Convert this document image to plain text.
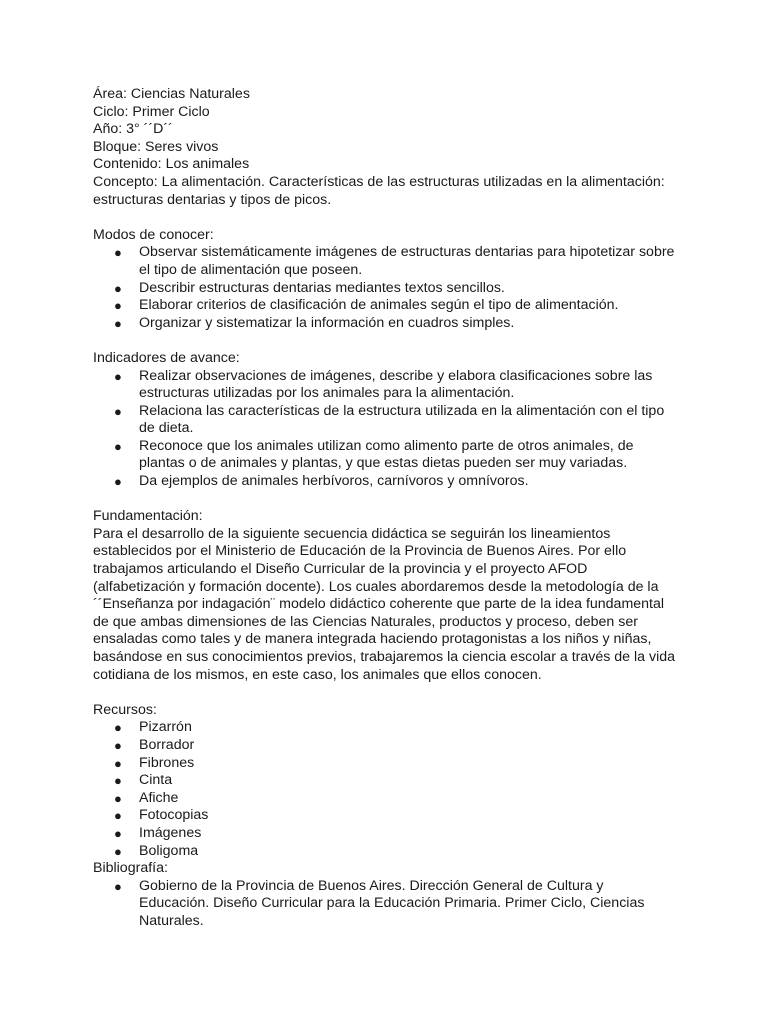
Área: Ciencias Naturales

Ciclo: Primer Ciclo

Año: 3° ´´D´´

Bloque: Seres vivos

Contenido: Los animales

Concepto: La alimentación. Características de las estructuras utilizadas en la alimentación:
estructuras dentarias y tipos de picos.

Modos de conocer:

● Observar sistemáticamente imágenes de estructuras dentarias para hipotetizar sobre
el tipo de alimentación que poseen.
● Describir estructuras dentarias mediantes textos sencillos.
● Elaborar criterios de clasificación de animales según el tipo de alimentación.
● Organizar y sistematizar la información en cuadros simples.

Indicadores de avance:

● Realizar observaciones de imágenes, describe y elabora clasificaciones sobre las
estructuras utilizadas por los animales para la alimentación.
● Relaciona las características de la estructura utilizada en la alimentación con el tipo
de dieta.
● Reconoce que los animales utilizan como alimento parte de otros animales, de
plantas o de animales y plantas, y que estas dietas pueden ser muy variadas.
● Da ejemplos de animales herbívoros, carnívoros y omnívoros.

Fundamentación:

Para el desarrollo de la siguiente secuencia didáctica se seguirán los lineamientos
establecidos por el Ministerio de Educación de la Provincia de Buenos Aires. Por ello
trabajamos articulando el Diseño Curricular de la provincia y el proyecto AFOD
(alfabetización y formación docente). Los cuales abordaremos desde la metodología de la
´´Enseñanza por indagación¨ modelo didáctico coherente que parte de la idea fundamental
de que ambas dimensiones de las Ciencias Naturales, productos y proceso, deben ser
ensaladas como tales y de manera integrada haciendo protagonistas a los niños y niñas,
basándose en sus conocimientos previos, trabajaremos la ciencia escolar a través de la vida
cotidiana de los mismos, en este caso, los animales que ellos conocen.

Recursos:

● Pizarrón
● Borrador
● Fibrones
● Cinta
● Afiche
● Fotocopias
● Imágenes
● Boligoma

Bibliografía:

● Gobierno de la Provincia de Buenos Aires. Dirección General de Cultura y
Educación. Diseño Curricular para la Educación Primaria. Primer Ciclo, Ciencias
Naturales.
